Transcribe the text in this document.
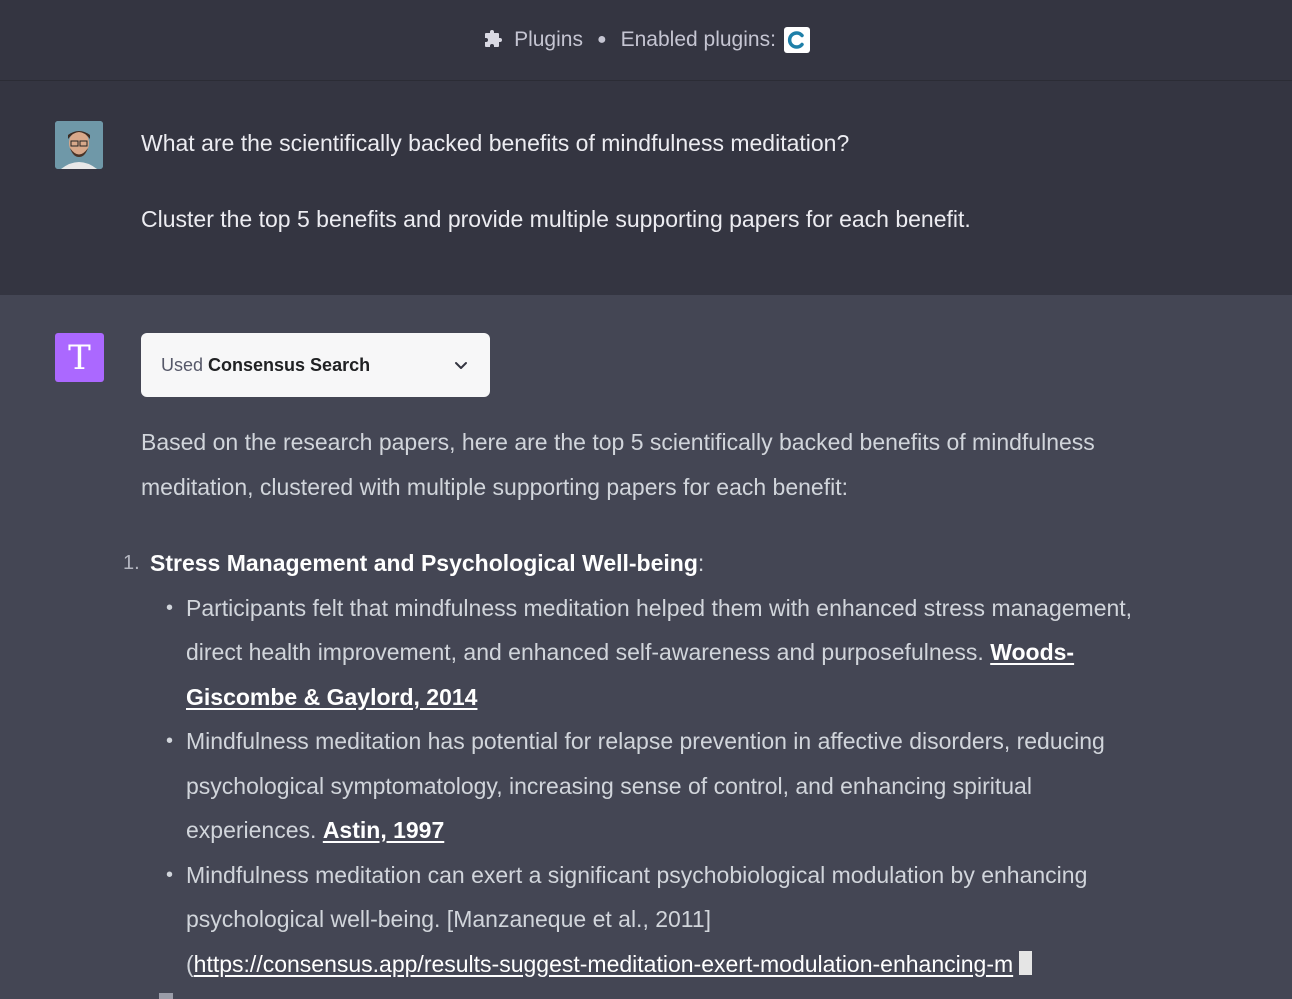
Plugins ● Enabled plugins:

What are the scientifically backed benefits of mindfulness meditation?

Cluster the top 5 benefits and provide multiple supporting papers for each benefit.

T	Used Consensus Search

Based on the research papers, here are the top 5 scientifically backed benefits of mindfulness meditation, clustered with multiple supporting papers for each benefit:

1. Stress Management and Psychological Well-being:
• Participants felt that mindfulness meditation helped them with enhanced stress management, direct health improvement, and enhanced self-awareness and purposefulness. Woods-Giscombe & Gaylord, 2014
• Mindfulness meditation has potential for relapse prevention in affective disorders, reducing psychological symptomatology, increasing sense of control, and enhancing spiritual experiences. Astin, 1997
• Mindfulness meditation can exert a significant psychobiological modulation by enhancing psychological well-being. [Manzaneque et al., 2011]
(https://consensus.app/results-suggest-meditation-exert-modulation-enhancing-m
